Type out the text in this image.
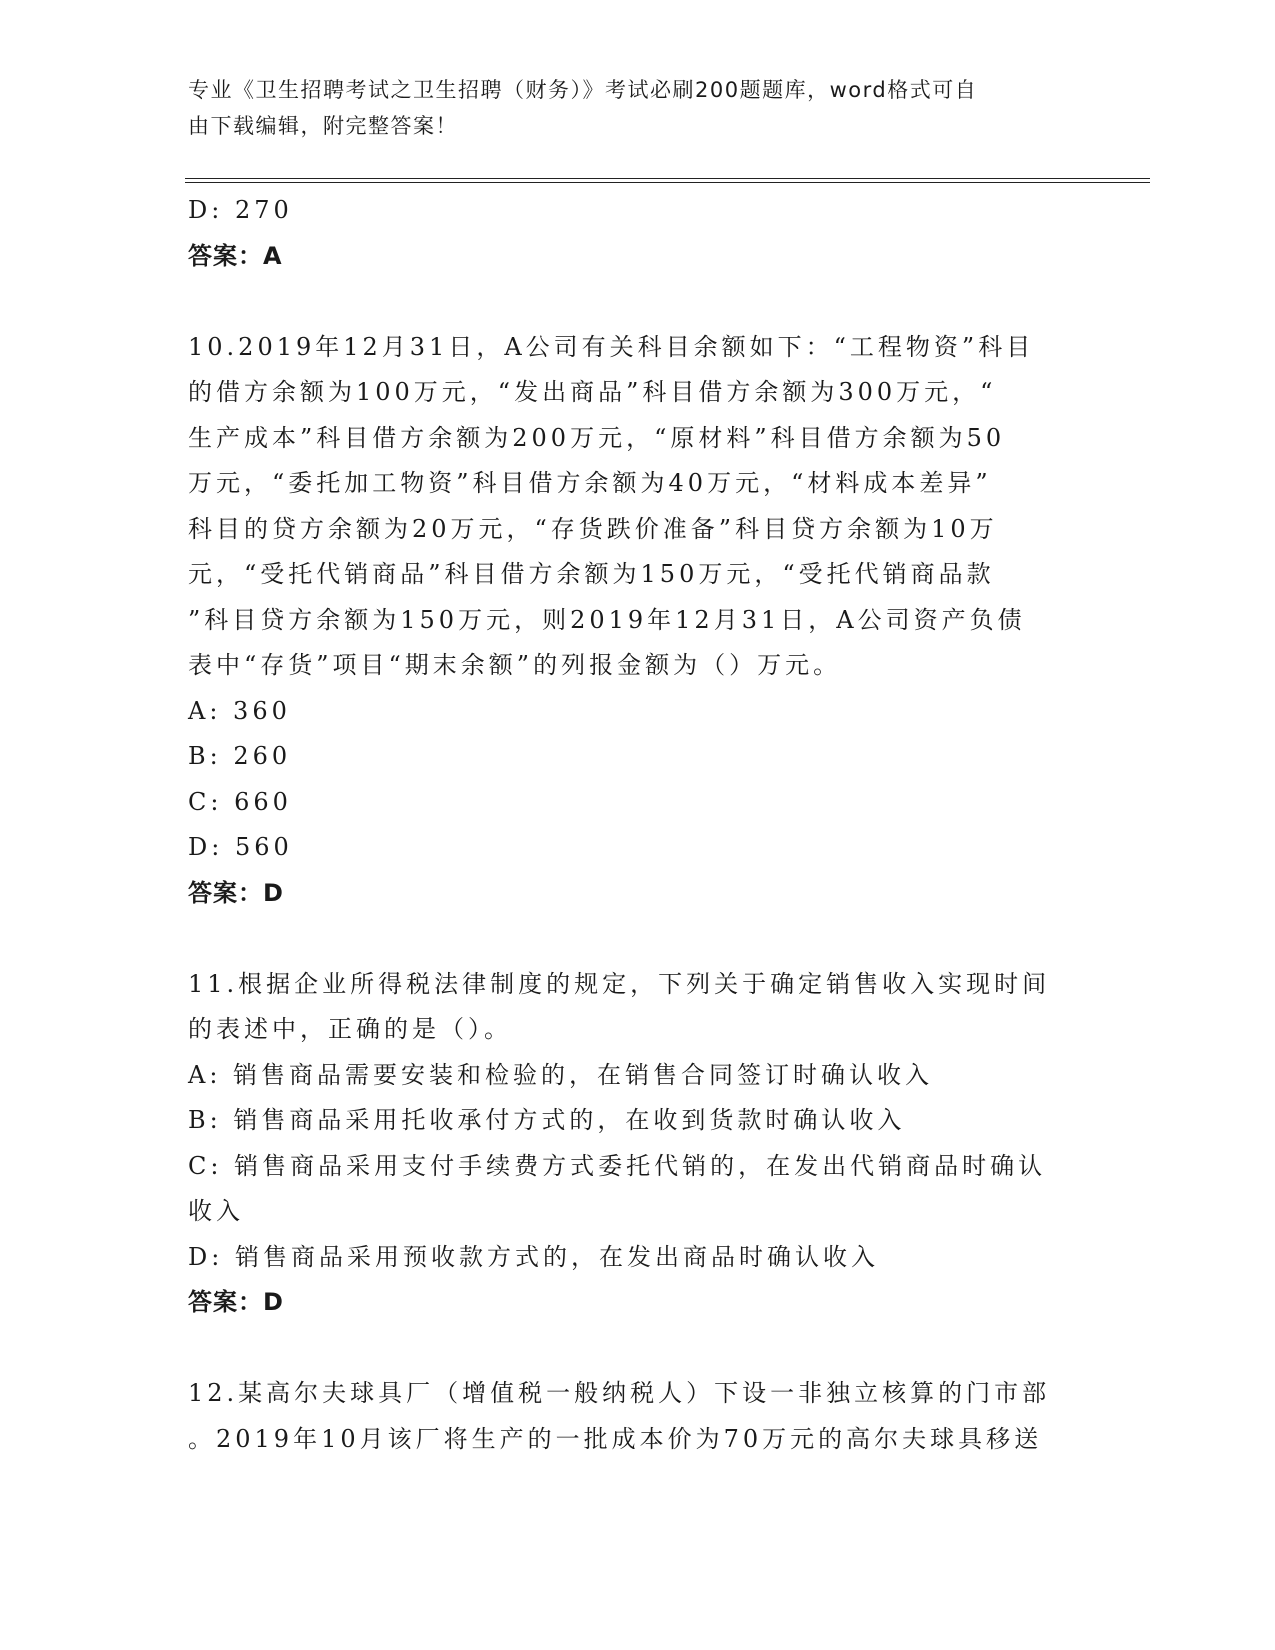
专业《卫生招聘考试之卫生招聘（财务）》考试必刷200题题库，word格式可自
由下载编辑，附完整答案！
D: 270
答案：A
10.2019年12月31日，A公司有关科目余额如下：“工程物资”科目
的借方余额为100万元，“发出商品”科目借方余额为300万元，“
生产成本”科目借方余额为200万元，“原材料”科目借方余额为50
万元，“委托加工物资”科目借方余额为40万元，“材料成本差异”
科目的贷方余额为20万元，“存货跌价准备”科目贷方余额为10万
元，“受托代销商品”科目借方余额为150万元，“受托代销商品款
”科目贷方余额为150万元，则2019年12月31日，A公司资产负债
表中“存货”项目“期末余额”的列报金额为（）万元。
A: 360
B: 260
C: 660
D: 560
答案：D
11.根据企业所得税法律制度的规定，下列关于确定销售收入实现时间
的表述中，正确的是（）。
A: 销售商品需要安装和检验的，在销售合同签订时确认收入
B: 销售商品采用托收承付方式的，在收到货款时确认收入
C: 销售商品采用支付手续费方式委托代销的，在发出代销商品时确认
收入
D: 销售商品采用预收款方式的，在发出商品时确认收入
答案：D
12.某高尔夫球具厂（增值税一般纳税人）下设一非独立核算的门市部
。2019年10月该厂将生产的一批成本价为70万元的高尔夫球具移送
